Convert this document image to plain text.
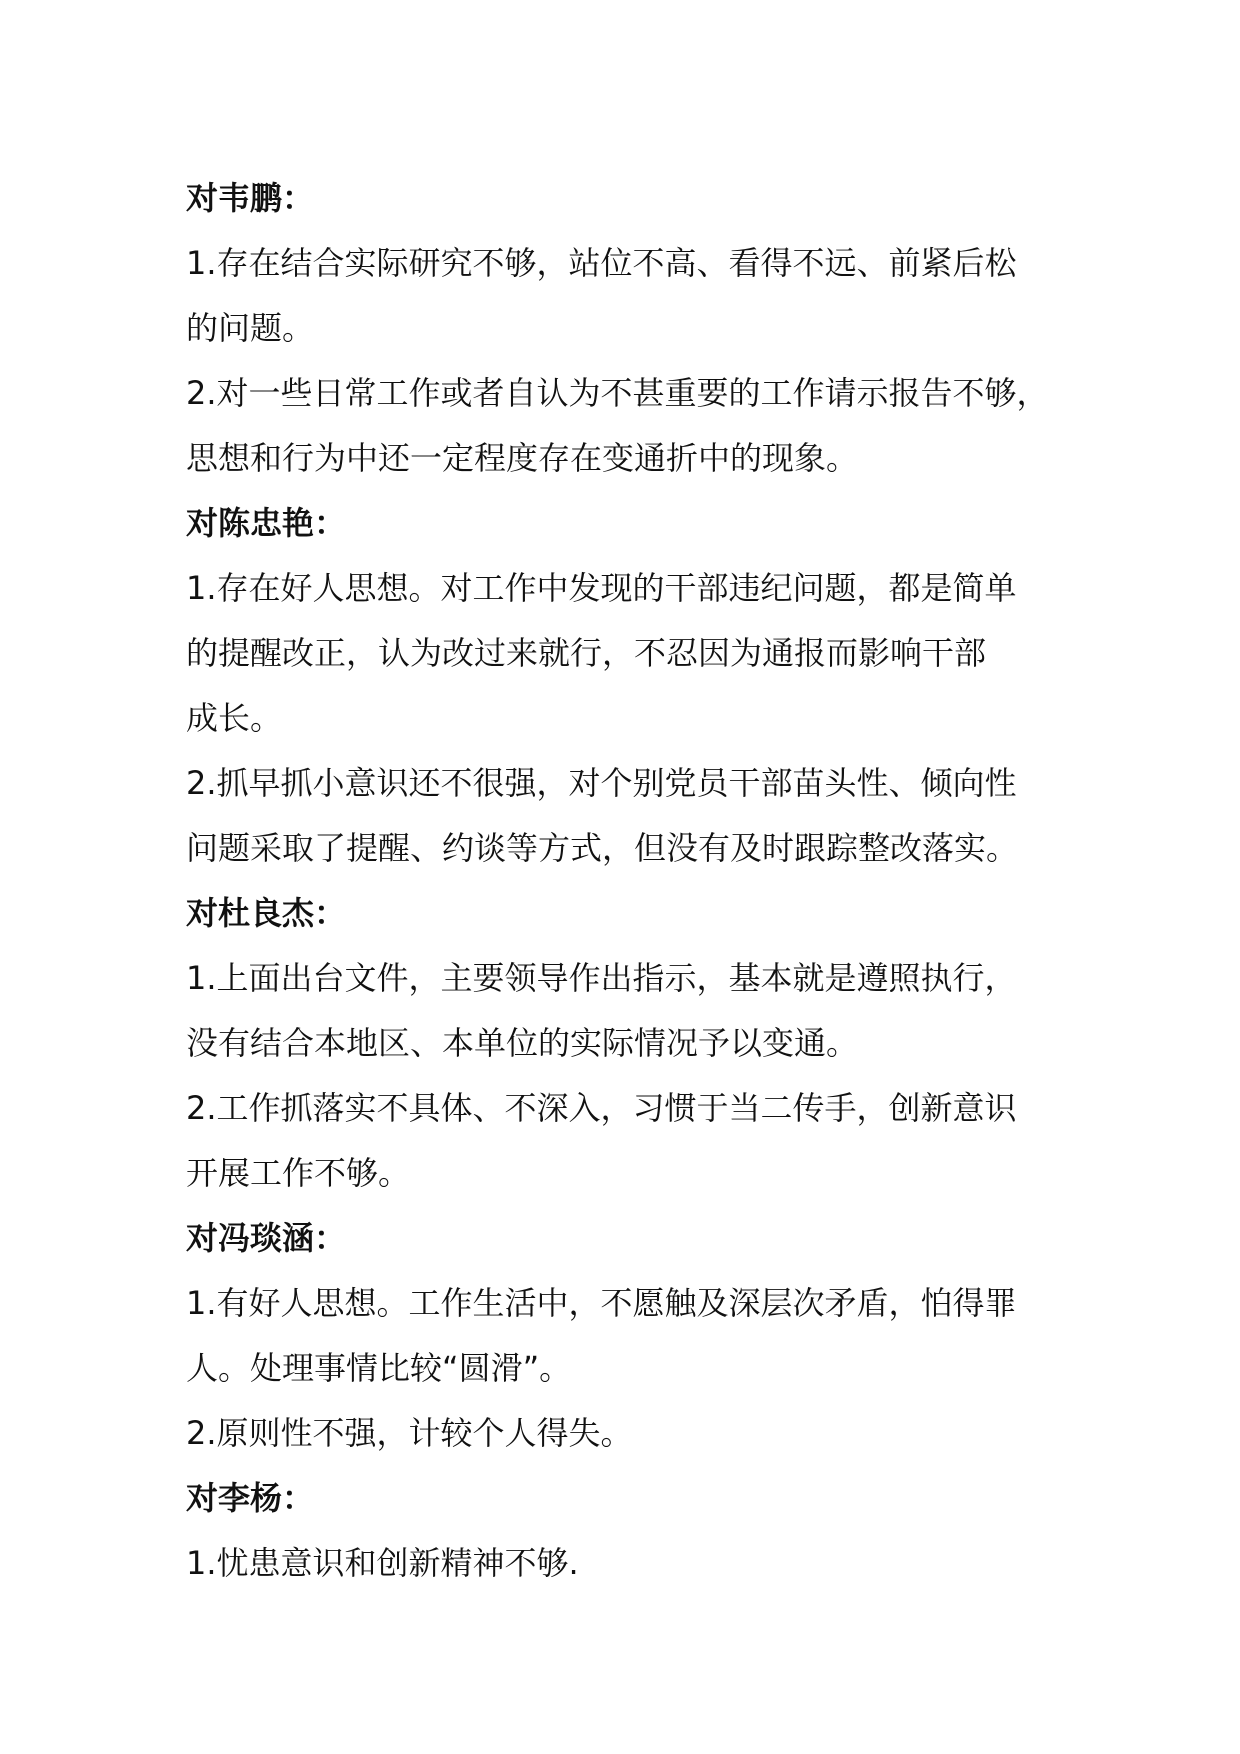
对韦鹏：
1.存在结合实际研究不够，站位不高、看得不远、前紧后松
的问题。
2.对一些日常工作或者自认为不甚重要的工作请示报告不够，
思想和行为中还一定程度存在变通折中的现象。
对陈忠艳：
1.存在好人思想。对工作中发现的干部违纪问题，都是简单
的提醒改正，认为改过来就行，不忍因为通报而影响干部
成长。
2.抓早抓小意识还不很强，对个别党员干部苗头性、倾向性
问题采取了提醒、约谈等方式，但没有及时跟踪整改落实。
对杜良杰：
1.上面出台文件，主要领导作出指示，基本就是遵照执行，
没有结合本地区、本单位的实际情况予以变通。
2.工作抓落实不具体、不深入，习惯于当二传手，创新意识
开展工作不够。
对冯琰涵：
1.有好人思想。工作生活中，不愿触及深层次矛盾，怕得罪
人。处理事情比较“圆滑”。
2.原则性不强，计较个人得失。
对李杨：
1.忧患意识和创新精神不够.
